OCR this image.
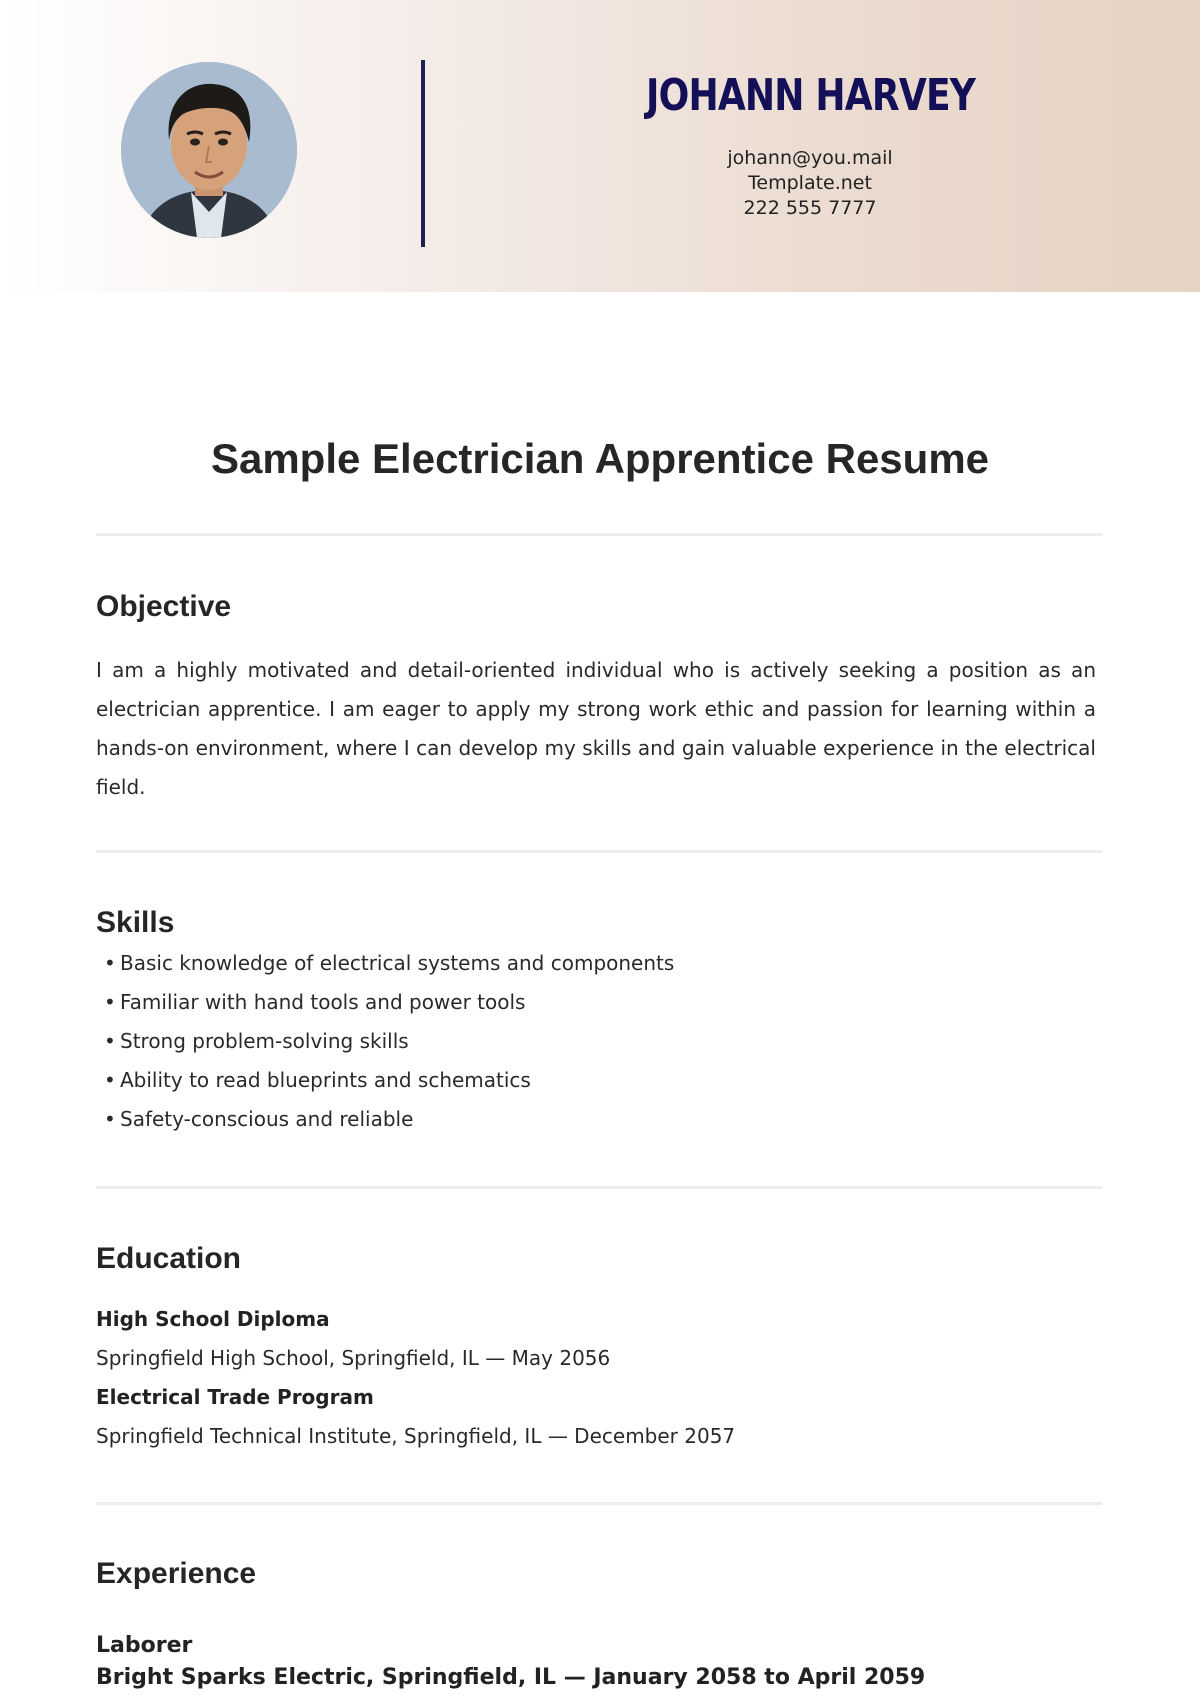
JOHANN HARVEY
johann@you.mail
Template.net
222 555 7777
Sample Electrician Apprentice Resume
Objective
I am a highly motivated and detail-oriented individual who is actively seeking a position as an electrician apprentice. I am eager to apply my strong work ethic and passion for learning within a hands-on environment, where I can develop my skills and gain valuable experience in the electrical field.
Skills
• Basic knowledge of electrical systems and components
• Familiar with hand tools and power tools
• Strong problem-solving skills
• Ability to read blueprints and schematics
• Safety-conscious and reliable
Education
High School Diploma
Springfield High School, Springfield, IL — May 2056
Electrical Trade Program
Springfield Technical Institute, Springfield, IL — December 2057
Experience
Laborer
Bright Sparks Electric, Springfield, IL — January 2058 to April 2059
